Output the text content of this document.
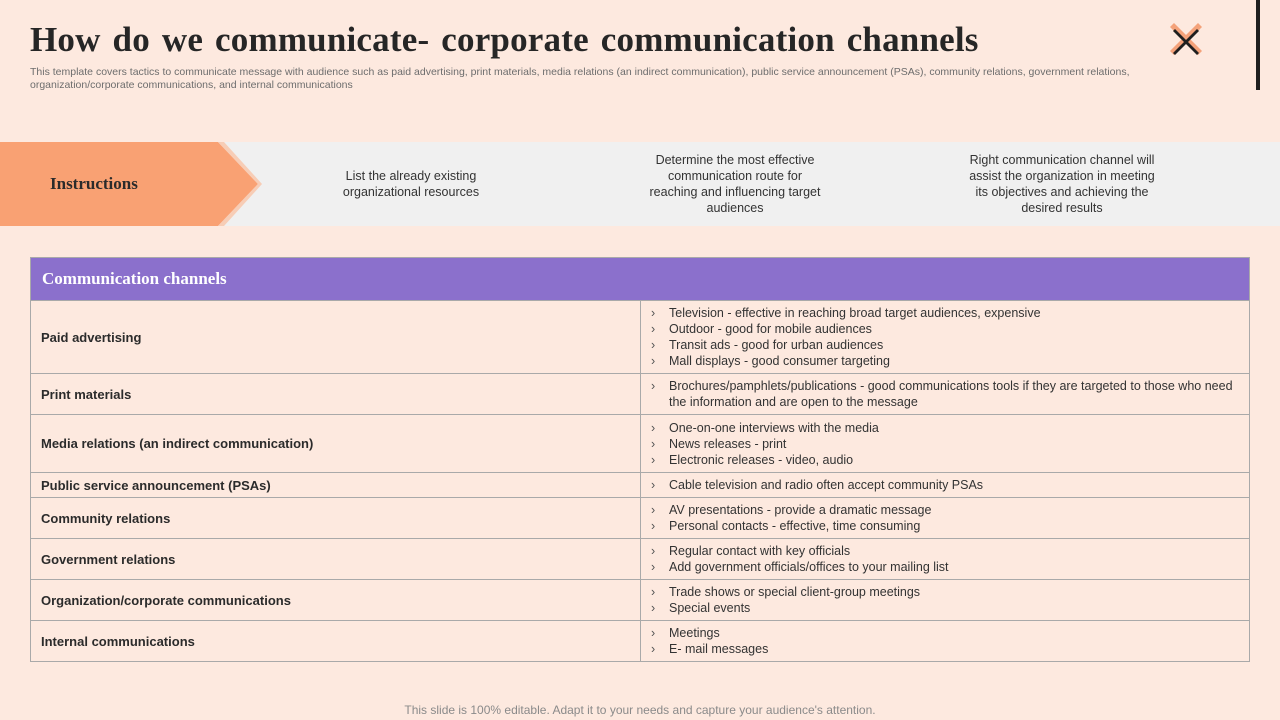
How do we communicate- corporate communication channels
This template covers tactics to communicate message with audience such as paid advertising, print materials, media relations (an indirect communication), public service announcement (PSAs), community relations, government relations, organization/corporate communications, and internal communications
Instructions	List the already existing organizational resources
Determine the most effective communication route for reaching and influencing target audiences
Right communication channel will assist the organization in meeting its objectives and achieving the desired results
Communication channels
Paid advertising
›	Television - effective in reaching broad target audiences, expensive
›	Outdoor - good for mobile audiences
›	Transit ads - good for urban audiences
›	Mall displays - good consumer targeting
Print materials
›	Brochures/pamphlets/publications - good communications tools if they are targeted to those who need the information and are open to the message
Media relations (an indirect communication)
›	One-on-one interviews with the media
›	News releases - print
›	Electronic releases - video, audio
Public service announcement (PSAs)	›	Cable television and radio often accept community PSAs
Community relations
›	AV presentations - provide a dramatic message
›	Personal contacts - effective, time consuming
Government relations
›	Regular contact with key officials
›	Add government officials/offices to your mailing list
Organization/corporate communications
›	Trade shows or special client-group meetings
›	Special events
Internal communications
›	Meetings
›	E- mail messages
This slide is 100% editable. Adapt it to your needs and capture your audience's attention.
